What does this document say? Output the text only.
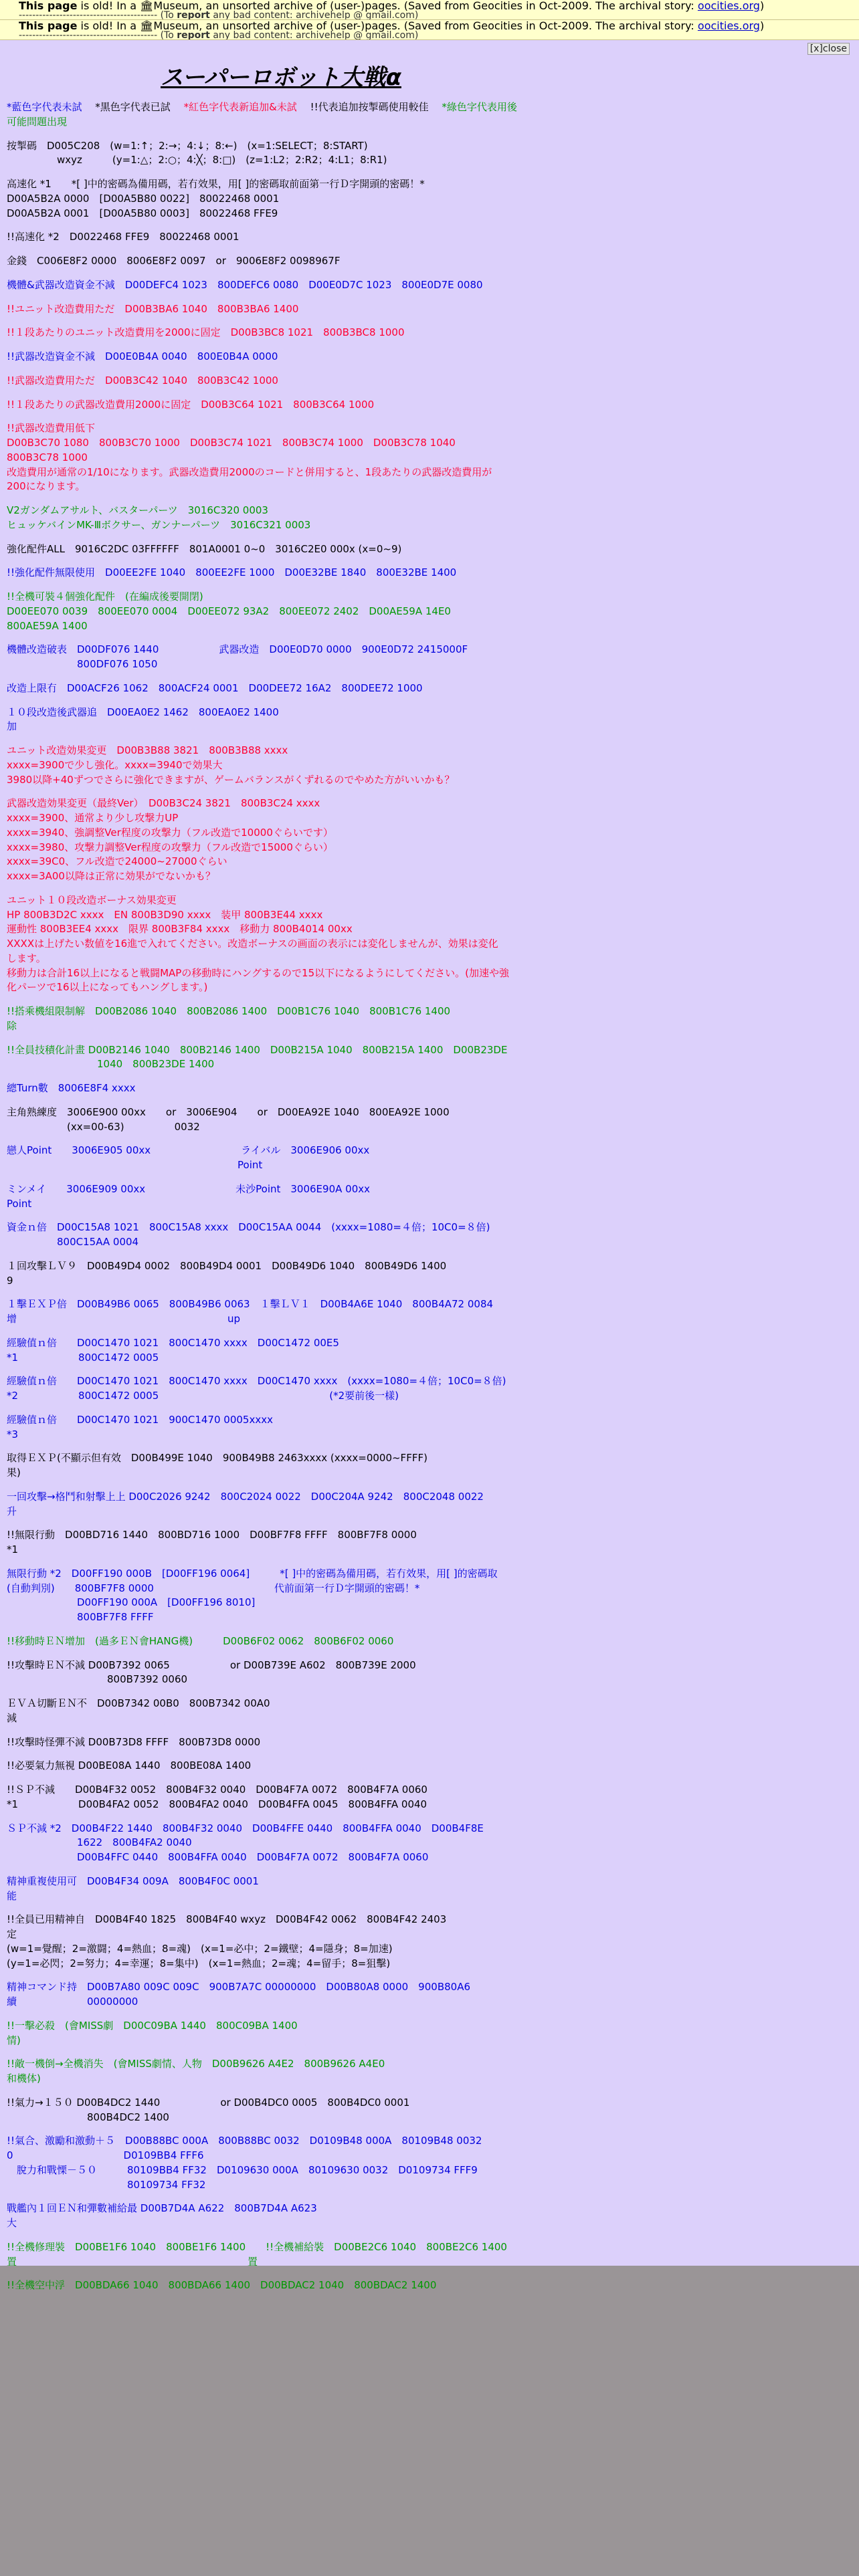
This page is old! In a 🏛Museum, an unsorted archive of (user-)pages. (Saved from Geocities in Oct-2009. The archival story: oocities.org)
----------------------------------------- (To report any bad content: archivehelp @ gmail.com)
This page is old! In a 🏛Museum, an unsorted archive of (user-)pages. (Saved from Geocities in Oct-2009. The archival story: oocities.org)
----------------------------------------- (To report any bad content: archivehelp @ gmail.com)
[x]close
スーパーロボット大戦α
*藍色字代表未試　 *黒色字代表已試　 *紅色字代表新追加&未試　 !!代表追加按掣碼使用較佳　 *綠色字代表用後
可能問題出現
按掣碼　D005C208　(w=1:↑；2:→；4:↓；8:←)　(x=1:SELECT；8:START)
　　　　　wxyz　　　(y=1:△；2:○；4:╳；8:□)　(z=1:L2；2:R2；4:L1；8:R1)
高速化 *1　　*[ ]中的密碼為備用碼，若冇效果，用[ ]的密碼取前面第一行Ｄ字開頭的密碼！*
D00A5B2A 0000　[D00A5B80 0022]　80022468 0001
D00A5B2A 0001　[D00A5B80 0003]　80022468 FFE9
!!高速化 *2　D0022468 FFE9　80022468 0001
金錢　C006E8F2 0000　8006E8F2 0097　or　9006E8F2 0098967F
機體&武器改造資金不減　D00DEFC4 1023　800DEFC6 0080　D00E0D7C 1023　800E0D7E 0080
!!ユニット改造費用ただ　D00B3BA6 1040　800B3BA6 1400
!!１段あたりのユニット改造費用を2000に固定　D00B3BC8 1021　800B3BC8 1000
!!武器改造資金不減　D00E0B4A 0040　800E0B4A 0000
!!武器改造費用ただ　D00B3C42 1040　800B3C42 1000
!!１段あたりの武器改造費用2000に固定　D00B3C64 1021　800B3C64 1000
!!武器改造費用低下
D00B3C70 1080　800B3C70 1000　D00B3C74 1021　800B3C74 1000　D00B3C78 1040
800B3C78 1000
改造費用が通常の1/10になります。武器改造費用2000のコードと併用すると、1段あたりの武器改造費用が
200になります。
V2ガンダムアサルト、バスターパーツ　3016C320 0003
ヒュッケバインMK-Ⅲボクサー、ガンナーパーツ　3016C321 0003
強化配件ALL　9016C2DC 03FFFFFF　801A0001 0~0　3016C2E0 000x (x=0~9)
!!強化配件無限使用　D00EE2FE 1040　800EE2FE 1000　D00E32BE 1840　800E32BE 1400
!!全機可裝４個強化配件　(在編成後要開閉)
D00EE070 0039　800EE070 0004　D00EE072 93A2　800EE072 2402　D00AE59A 14E0
800AE59A 1400
機體改造破表　D00DF076 1440　　　　　　武器改造　D00E0D70 0000　900E0D72 2415000F
　　　　　　　800DF076 1050
改造上限冇　D00ACF26 1062　800ACF24 0001　D00DEE72 16A2　800DEE72 1000
１０段改造後武器追　D00EA0E2 1462　800EA0E2 1400
加
ユニット改造効果変更　D00B3B88 3821　800B3B88 xxxx
xxxx=3900で少し強化。xxxx=3940で効果大
3980以降+40ずつでさらに強化できますが、ゲームバランスがくずれるのでやめた方がいいかも？
武器改造効果変更（最終Ver）　D00B3C24 3821　800B3C24 xxxx
xxxx=3900、通常より少し攻撃力UP
xxxx=3940、強調整Ver程度の攻撃力（フル改造で10000ぐらいです）
xxxx=3980、攻撃力調整Ver程度の攻撃力（フル改造で15000ぐらい）
xxxx=39C0、フル改造で24000~27000ぐらい
xxxx=3A00以降は正常に効果がでないかも？
ユニット１０段改造ボーナス効果変更
HP 800B3D2C xxxx　EN 800B3D90 xxxx　装甲 800B3E44 xxxx
運動性 800B3EE4 xxxx　限界 800B3F84 xxxx　移動力 800B4014 00xx
XXXXは上げたい数値を16進で入れてください。改造ボーナスの画面の表示には変化しませんが、効果は変化
します。
移動力は合計16以上になると戦闘MAPの移動時にハングするので15以下になるようにしてください。(加速や強
化パーツで16以上になってもハングします。)
!!搭乘機組限制解　D00B2086 1040　800B2086 1400　D00B1C76 1040　800B1C76 1400
除
!!全員技積化計畫 D00B2146 1040　800B2146 1400　D00B215A 1040　800B215A 1400　D00B23DE
　　　　　　　　　1040　800B23DE 1400
總Turn數　8006E8F4 xxxx
主角熟練度　3006E900 00xx　　or　3006E904　　or　D00EA92E 1040　800EA92E 1000
　　　　　　(xx=00-63)　　　　　0032
戀人Point　　3006E905 00xx　　　　　　　　　ライバル　3006E906 00xx
　　　　　　　　　　　　　　　　　　　　　　　Point
ミンメイ　　3006E909 00xx　　　　　　　　　未沙Point　3006E90A 00xx
Point
資金ｎ倍　D00C15A8 1021　800C15A8 xxxx　D00C15AA 0044　(xxxx=1080=４倍；10C0=８倍)
　　　　　800C15AA 0004
１回攻擊ＬＶ９　D00B49D4 0002　800B49D4 0001　D00B49D6 1040　800B49D6 1400
9
１擊ＥＸＰ倍　D00B49B6 0065　800B49B6 0063　１擊ＬＶ１　D00B4A6E 1040　800B4A72 0084
增　　　　　　　　　　　　　　　　　　　　　up
經驗值ｎ倍　　D00C1470 1021　800C1470 xxxx　D00C1472 00E5
*1　　　　　　800C1472 0005
經驗值ｎ倍　　D00C1470 1021　800C1470 xxxx　D00C1470 xxxx　(xxxx=1080=４倍；10C0=８倍)
*2　　　　　　800C1472 0005　　　　　　　　　　　　　　　　　(*2要前後一樣)
經驗值ｎ倍　　D00C1470 1021　900C1470 0005xxxx
*3
取得ＥＸＰ(不顯示但有效　D00B499E 1040　900B49B8 2463xxxx (xxxx=0000~FFFF)
果)
一回攻擊→格鬥和射擊上上 D00C2026 9242　800C2024 0022　D00C204A 9242　800C2048 0022
升
!!無限行動　D00BD716 1440　800BD716 1000　D00BF7F8 FFFF　800BF7F8 0000
*1
無限行動 *2　D00FF190 000B　[D00FF196 0064]　　　*[ ]中的密碼為備用碼，若冇效果，用[ ]的密碼取
(自動判別)　　800BF7F8 0000　　　　　　　　　　　　代前面第一行Ｄ字開頭的密碼！*
　　　　　　　D00FF190 000A　[D00FF196 8010]
　　　　　　　800BF7F8 FFFF
!!移動時ＥＮ增加　(過多ＥＮ會HANG機)　　　D00B6F02 0062　800B6F02 0060
!!攻擊時ＥＮ不減 D00B7392 0065　　　　　　or D00B739E A602　800B739E 2000
　　　　　　　　　　800B7392 0060
ＥＶＡ切斷ＥＮ不　D00B7342 00B0　800B7342 00A0
減
!!攻擊時怪彈不減 D00B73D8 FFFF　800B73D8 0000
!!必要氣力無視 D00BE08A 1440　800BE08A 1400
!!ＳＰ不減　　D00B4F32 0052　800B4F32 0040　D00B4F7A 0072　800B4F7A 0060
*1　　　　　　D00B4FA2 0052　800B4FA2 0040　D00B4FFA 0045　800B4FFA 0040
ＳＰ不減 *2　D00B4F22 1440　800B4F32 0040　D00B4FFE 0440　800B4FFA 0040　D00B4F8E
　　　　　　　1622　800B4FA2 0040
　　　　　　　D00B4FFC 0440　800B4FFA 0040　D00B4F7A 0072　800B4F7A 0060
精神重複使用可　D00B4F34 009A　800B4F0C 0001
能
!!全員已用精神自　D00B4F40 1825　800B4F40 wxyz　D00B4F42 0062　800B4F42 2403
定
(w=1=覺醒；2=激闘；4=熱血；8=魂)　(x=1=必中；2=鐵壁；4=隱身；8=加速)
(y=1=必閃；2=努力；4=幸運；8=集中)　(x=1=熱血；2=魂；4=留手；8=狙擊)
精神コマンド持　D00B7A80 009C 009C　900B7A7C 00000000　D00B80A8 0000　900B80A6
續　　　　　　　00000000
!!一擊必殺　(會MISS劇　D00C09BA 1440　800C09BA 1400
情)
!!敵一機倒→全機消失　(會MISS劇情、人物　D00B9626 A4E2　800B9626 A4E0
和機体)
!!氣力→１５０ D00B4DC2 1440　　　　　　or D00B4DC0 0005　800B4DC0 0001
　　　　　　　　800B4DC2 1400
!!氣合、激勵和激動＋５　D00B88BC 000A　800B88BC 0032　D0109B48 000A　80109B48 0032
0　　　　　　　　　　　D0109BB4 FFF6
　脫力和戰慄－５０　　　80109BB4 FF32　D0109630 000A　80109630 0032　D0109734 FFF9
　　　　　　　　　　　　80109734 FF32
戰艦內１回ＥＮ和彈數補給最 D00B7D4A A622　800B7D4A A623
大
!!全機修理裝　D00BE1F6 1040　800BE1F6 1400　　!!全機補給裝　D00BE2C6 1040　800BE2C6 1400
置　　　　　　　　　　　　　　　　　　　　　　　置
!!全機空中浮　D00BDA66 1040　800BDA66 1400　D00BDAC2 1040　800BDAC2 1400
